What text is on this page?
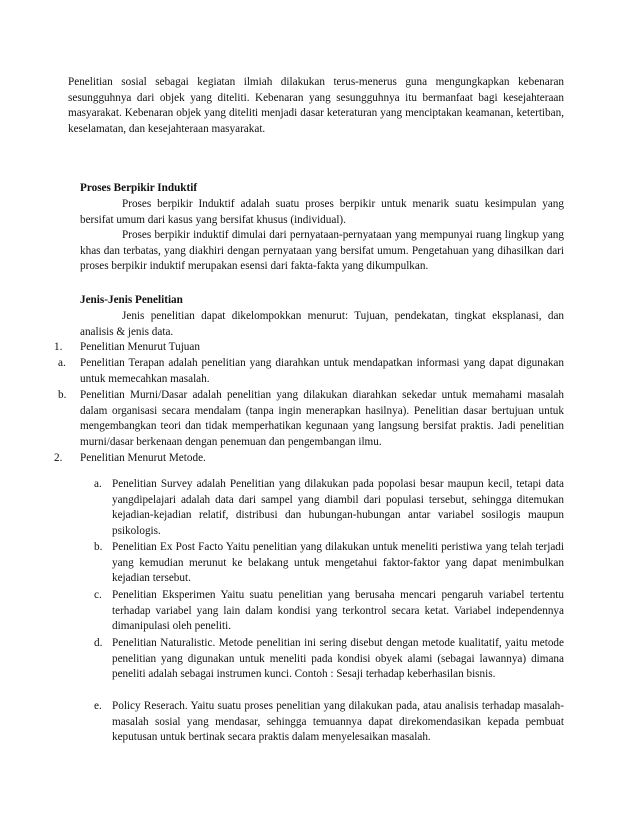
Penelitian sosial sebagai kegiatan ilmiah dilakukan terus-menerus guna mengungkapkan kebenaran sesungguhnya dari objek yang diteliti. Kebenaran yang sesungguhnya itu bermanfaat bagi kesejahteraan masyarakat. Kebenaran objek yang diteliti menjadi dasar keteraturan yang menciptakan keamanan, ketertiban, keselamatan, dan kesejahteraan masyarakat.

Proses Berpikir Induktif

Proses berpikir Induktif adalah suatu proses berpikir untuk menarik suatu kesimpulan yang bersifat umum dari kasus yang bersifat khusus (individual).

Proses berpikir induktif dimulai dari pernyataan-pernyataan yang mempunyai ruang lingkup yang khas dan terbatas, yang diakhiri dengan pernyataan yang bersifat umum. Pengetahuan yang dihasilkan dari proses berpikir induktif merupakan esensi dari fakta-fakta yang dikumpulkan.

Jenis-Jenis Penelitian

Jenis penelitian dapat dikelompokkan menurut: Tujuan, pendekatan, tingkat eksplanasi, dan analisis & jenis data.

1. Penelitian Menurut Tujuan
a. Penelitian Terapan adalah penelitian yang diarahkan untuk mendapatkan informasi yang dapat digunakan untuk memecahkan masalah.
b. Penelitian Murni/Dasar adalah penelitian yang dilakukan diarahkan sekedar untuk memahami masalah dalam organisasi secara mendalam (tanpa ingin menerapkan hasilnya). Penelitian dasar bertujuan untuk mengembangkan teori dan tidak memperhatikan kegunaan yang langsung bersifat praktis. Jadi penelitian murni/dasar berkenaan dengan penemuan dan pengembangan ilmu.
2. Penelitian Menurut Metode.
a. Penelitian Survey adalah Penelitian yang dilakukan pada popolasi besar maupun kecil, tetapi data yangdipelajari adalah data dari sampel yang diambil dari populasi tersebut, sehingga ditemukan kejadian-kejadian relatif, distribusi dan hubungan-hubungan antar variabel sosilogis maupun psikologis.
b. Penelitian Ex Post Facto Yaitu penelitian yang dilakukan untuk meneliti peristiwa yang telah terjadi yang kemudian merunut ke belakang untuk mengetahui faktor-faktor yang dapat menimbulkan kejadian tersebut.
c. Penelitian Eksperimen Yaitu suatu penelitian yang berusaha mencari pengaruh variabel tertentu terhadap variabel yang lain dalam kondisi yang terkontrol secara ketat. Variabel independennya dimanipulasi oleh peneliti.
d. Penelitian Naturalistic. Metode penelitian ini sering disebut dengan metode kualitatif, yaitu metode penelitian yang digunakan untuk meneliti pada kondisi obyek alami (sebagai lawannya) dimana peneliti adalah sebagai instrumen kunci. Contoh : Sesaji terhadap keberhasilan bisnis.
e. Policy Reserach. Yaitu suatu proses penelitian yang dilakukan pada, atau analisis terhadap masalah-masalah sosial yang mendasar, sehingga temuannya dapat direkomendasikan kepada pembuat keputusan untuk bertinak secara praktis dalam menyelesaikan masalah.
